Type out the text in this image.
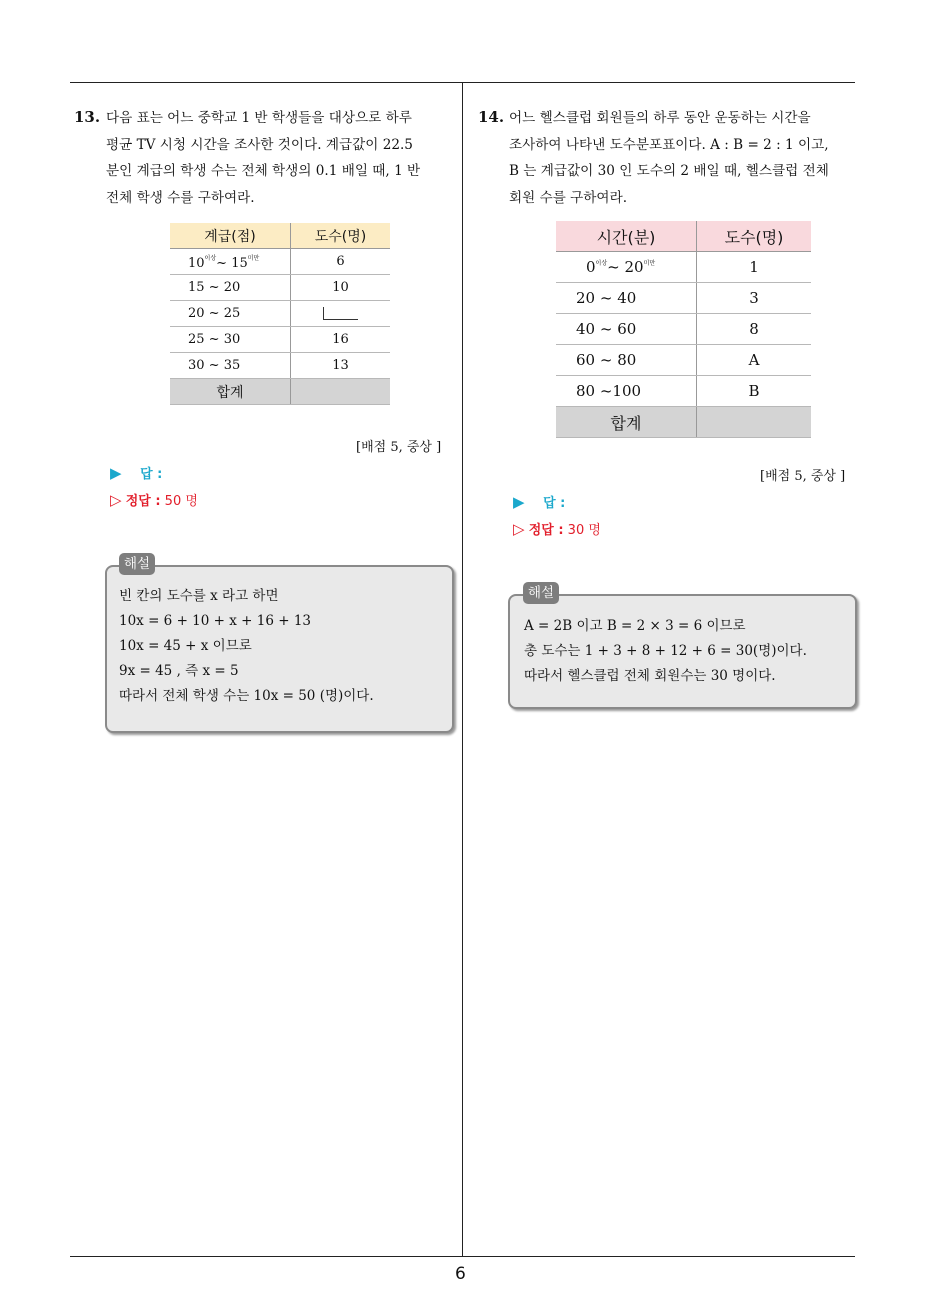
13. 다음 표는 어느 중학교 1 반 학생들을 대상으로 하루
평균 TV 시청 시간을 조사한 것이다. 계급값이 22.5
분인 계급의 학생 수는 전체 학생의 0.1 배일 때, 1 반
전체 학생 수를 구하여라.
계급(점)	도수(명)
$10^{이상}\sim$ $15^{미만}$	6
15 ~ 20	10
20 ~ 25	
25 ~ 30	16
30 ~ 35	13
합계	
[배점 5, 중상 ]
▶ 답 :
▷ 정답 : 50 명
빈 칸의 도수를 x 라고 하면
10x = 6 + 10 + x + 16 + 13
10x = 45 + x 이므로
9x = 45 , 즉 x = 5
따라서 전체 학생 수는 10x = 50 (명)이다.
해설
14. 어느 헬스클럽 회원들의 하루 동안 운동하는 시간을
조사하여 나타낸 도수분포표이다. A : B = 2 : 1 이고,
B 는 계급값이 30 인 도수의 2 배일 때, 헬스클럽 전체
회원 수를 구하여라.
시간(분)	도수(명)
$0^{이상}\sim$ $20^{미만}$	1
20 ~ 40	3
40 ~ 60	8
60 ~ 80	A
80 ~100	B
합계	
[배점 5, 중상 ]
▶ 답 :
▷ 정답 : 30 명
A = 2B 이고 B = 2 × 3 = 6 이므로
총 도수는 1 + 3 + 8 + 12 + 6 = 30(명)이다.
따라서 헬스클럽 전체 회원수는 30 명이다.
해설
6
